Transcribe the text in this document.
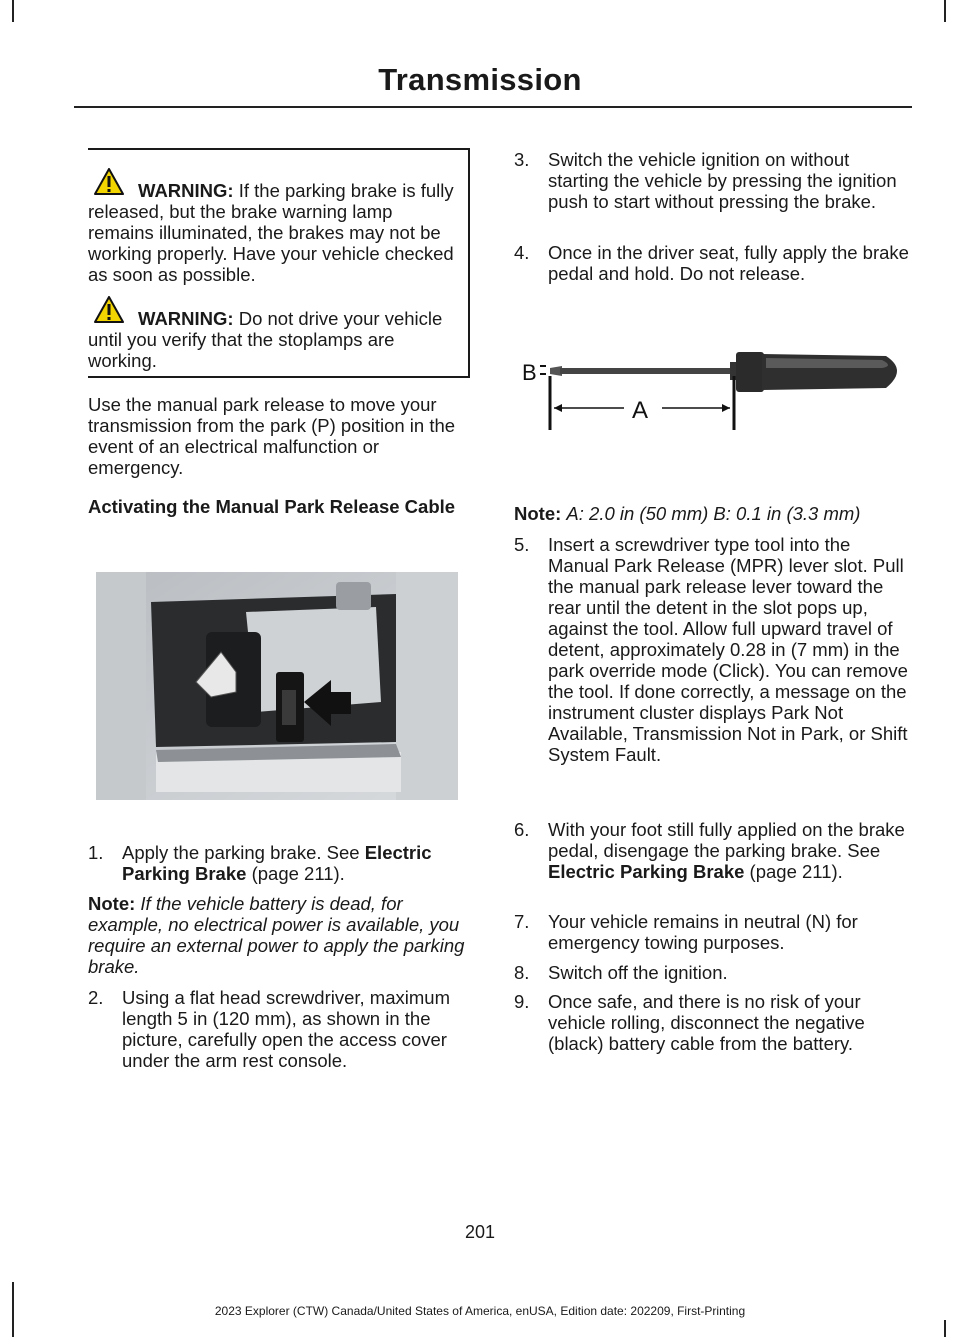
Transmission
WARNING: If the parking brake is fully released, but the brake warning lamp remains illuminated, the brakes may not be working properly. Have your vehicle checked as soon as possible.
WARNING: Do not drive your vehicle until you verify that the stoplamps are working.

Use the manual park release to move your transmission from the park (P) position in the event of an electrical malfunction or emergency.

Activating the Manual Park Release Cable
1. Apply the parking brake. See Electric Parking Brake (page 211).
Note: If the vehicle battery is dead, for example, no electrical power is available, you require an external power to apply the parking brake.
2. Using a flat head screwdriver, maximum length 5 in (120 mm), as shown in the picture, carefully open the access cover under the arm rest console.
3. Switch the vehicle ignition on without starting the vehicle by pressing the ignition push to start without pressing the brake.
4. Once in the driver seat, fully apply the brake pedal and hold. Do not release.
B
A
Note: A: 2.0 in (50 mm) B: 0.1 in (3.3 mm)
5. Insert a screwdriver type tool into the Manual Park Release (MPR) lever slot. Pull the manual park release lever toward the rear until the detent in the slot pops up, against the tool. Allow full upward travel of detent, approximately 0.28 in (7 mm) in the park override mode (Click). You can remove the tool. If done correctly, a message on the instrument cluster displays Park Not Available, Transmission Not in Park, or Shift System Fault.
6. With your foot still fully applied on the brake pedal, disengage the parking brake. See Electric Parking Brake (page 211).
7. Your vehicle remains in neutral (N) for emergency towing purposes.
8. Switch off the ignition.
9. Once safe, and there is no risk of your vehicle rolling, disconnect the negative (black) battery cable from the battery.
201
2023 Explorer (CTW) Canada/United States of America, enUSA, Edition date: 202209, First-Printing
